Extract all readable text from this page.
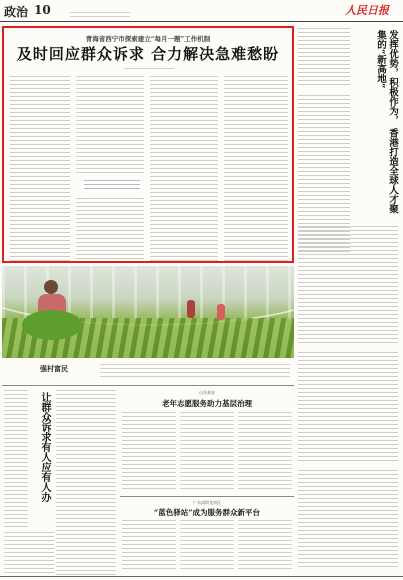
政治 10	人民日报
青海省西宁市探索建立“每月一题”工作机制
及时回应群众诉求 合力解决急难愁盼
强村富民
发挥优势，积极作为， 香港打造全球人才聚集的“新高地”
让群众诉求有人应有人办	山东泰安
老年志愿服务助力基层治理
广东深圳龙岗区
“蓝色驿站”成为服务群众新平台
